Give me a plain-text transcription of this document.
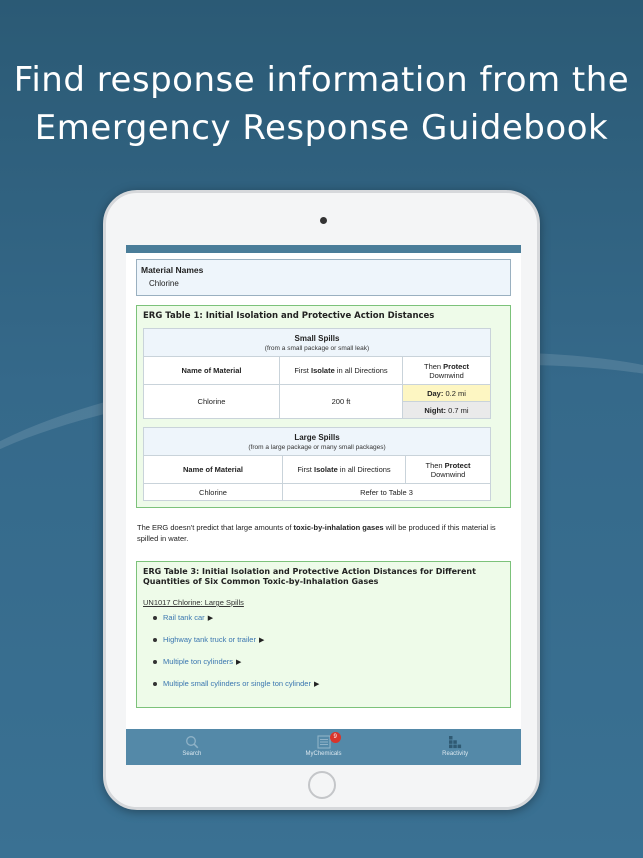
Find response information from the
Emergency Response Guidebook
Material Names
Chlorine
ERG Table 1: Initial Isolation and Protective Action Distances
Small Spills
(from a small package or small leak)		
Name of Material	First Isolate in all Directions	Then Protect
Downwind
Chlorine	200 ft	Day: 0.2 mi
		Night: 0.7 mi
Large Spills
(from a large package or many small packages)		
Name of Material	First Isolate in all Directions	Then Protect
Downwind
Chlorine	Refer to Table 3	
The ERG doesn't predict that large amounts of toxic-by-inhalation gases will be produced if this material is spilled in water.
ERG Table 3: Initial Isolation and Protective Action Distances for Different Quantities of Six Common Toxic-by-Inhalation Gases
UN1017 Chlorine: Large Spills
Rail tank car ▶
Highway tank truck or trailer ▶
Multiple ton cylinders ▶
Multiple small cylinders or single ton cylinder ▶
Search
9
MyChemicals	Reactivity
